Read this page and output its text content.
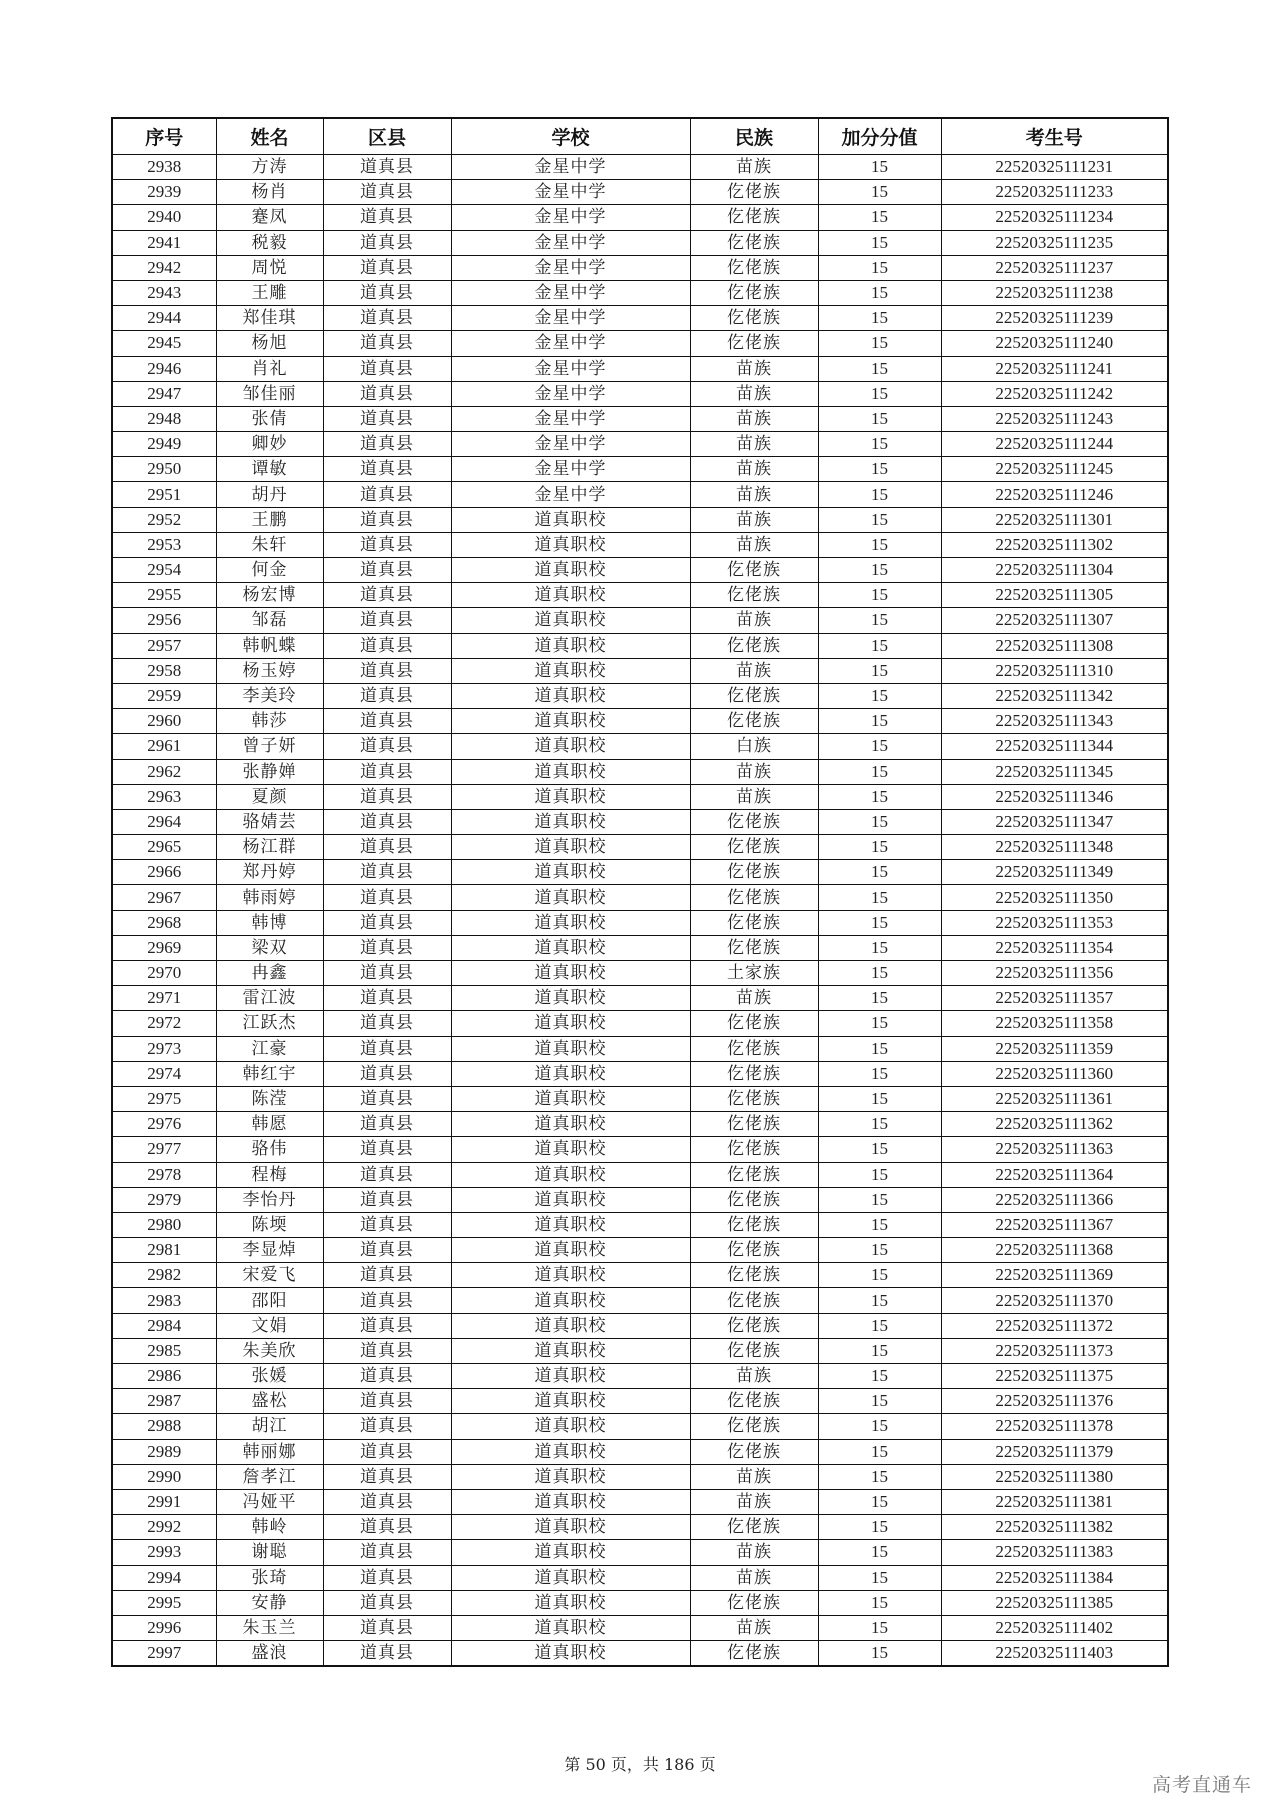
序号	姓名	区县	学校	民族	加分分值	考生号
2938	方涛	道真县	金星中学	苗族	15	22520325111231
2939	杨肖	道真县	金星中学	仡佬族	15	22520325111233
2940	蹇凤	道真县	金星中学	仡佬族	15	22520325111234
2941	税毅	道真县	金星中学	仡佬族	15	22520325111235
2942	周悦	道真县	金星中学	仡佬族	15	22520325111237
2943	王雕	道真县	金星中学	仡佬族	15	22520325111238
2944	郑佳琪	道真县	金星中学	仡佬族	15	22520325111239
2945	杨旭	道真县	金星中学	仡佬族	15	22520325111240
2946	肖礼	道真县	金星中学	苗族	15	22520325111241
2947	邹佳丽	道真县	金星中学	苗族	15	22520325111242
2948	张倩	道真县	金星中学	苗族	15	22520325111243
2949	卿妙	道真县	金星中学	苗族	15	22520325111244
2950	谭敏	道真县	金星中学	苗族	15	22520325111245
2951	胡丹	道真县	金星中学	苗族	15	22520325111246
2952	王鹏	道真县	道真职校	苗族	15	22520325111301
2953	朱轩	道真县	道真职校	苗族	15	22520325111302
2954	何金	道真县	道真职校	仡佬族	15	22520325111304
2955	杨宏博	道真县	道真职校	仡佬族	15	22520325111305
2956	邹磊	道真县	道真职校	苗族	15	22520325111307
2957	韩帆蝶	道真县	道真职校	仡佬族	15	22520325111308
2958	杨玉婷	道真县	道真职校	苗族	15	22520325111310
2959	李美玲	道真县	道真职校	仡佬族	15	22520325111342
2960	韩莎	道真县	道真职校	仡佬族	15	22520325111343
2961	曾子妍	道真县	道真职校	白族	15	22520325111344
2962	张静婵	道真县	道真职校	苗族	15	22520325111345
2963	夏颜	道真县	道真职校	苗族	15	22520325111346
2964	骆婧芸	道真县	道真职校	仡佬族	15	22520325111347
2965	杨江群	道真县	道真职校	仡佬族	15	22520325111348
2966	郑丹婷	道真县	道真职校	仡佬族	15	22520325111349
2967	韩雨婷	道真县	道真职校	仡佬族	15	22520325111350
2968	韩博	道真县	道真职校	仡佬族	15	22520325111353
2969	梁双	道真县	道真职校	仡佬族	15	22520325111354
2970	冉鑫	道真县	道真职校	土家族	15	22520325111356
2971	雷江波	道真县	道真职校	苗族	15	22520325111357
2972	江跃杰	道真县	道真职校	仡佬族	15	22520325111358
2973	江豪	道真县	道真职校	仡佬族	15	22520325111359
2974	韩红宇	道真县	道真职校	仡佬族	15	22520325111360
2975	陈滢	道真县	道真职校	仡佬族	15	22520325111361
2976	韩愿	道真县	道真职校	仡佬族	15	22520325111362
2977	骆伟	道真县	道真职校	仡佬族	15	22520325111363
2978	程梅	道真县	道真职校	仡佬族	15	22520325111364
2979	李怡丹	道真县	道真职校	仡佬族	15	22520325111366
2980	陈堧	道真县	道真职校	仡佬族	15	22520325111367
2981	李显焯	道真县	道真职校	仡佬族	15	22520325111368
2982	宋爱飞	道真县	道真职校	仡佬族	15	22520325111369
2983	邵阳	道真县	道真职校	仡佬族	15	22520325111370
2984	文娟	道真县	道真职校	仡佬族	15	22520325111372
2985	朱美欣	道真县	道真职校	仡佬族	15	22520325111373
2986	张媛	道真县	道真职校	苗族	15	22520325111375
2987	盛松	道真县	道真职校	仡佬族	15	22520325111376
2988	胡江	道真县	道真职校	仡佬族	15	22520325111378
2989	韩丽娜	道真县	道真职校	仡佬族	15	22520325111379
2990	詹孝江	道真县	道真职校	苗族	15	22520325111380
2991	冯娅平	道真县	道真职校	苗族	15	22520325111381
2992	韩岭	道真县	道真职校	仡佬族	15	22520325111382
2993	谢聪	道真县	道真职校	苗族	15	22520325111383
2994	张琦	道真县	道真职校	苗族	15	22520325111384
2995	安静	道真县	道真职校	仡佬族	15	22520325111385
2996	朱玉兰	道真县	道真职校	苗族	15	22520325111402
2997	盛浪	道真县	道真职校	仡佬族	15	22520325111403
第 50 页，共 186 页
高考直通车
